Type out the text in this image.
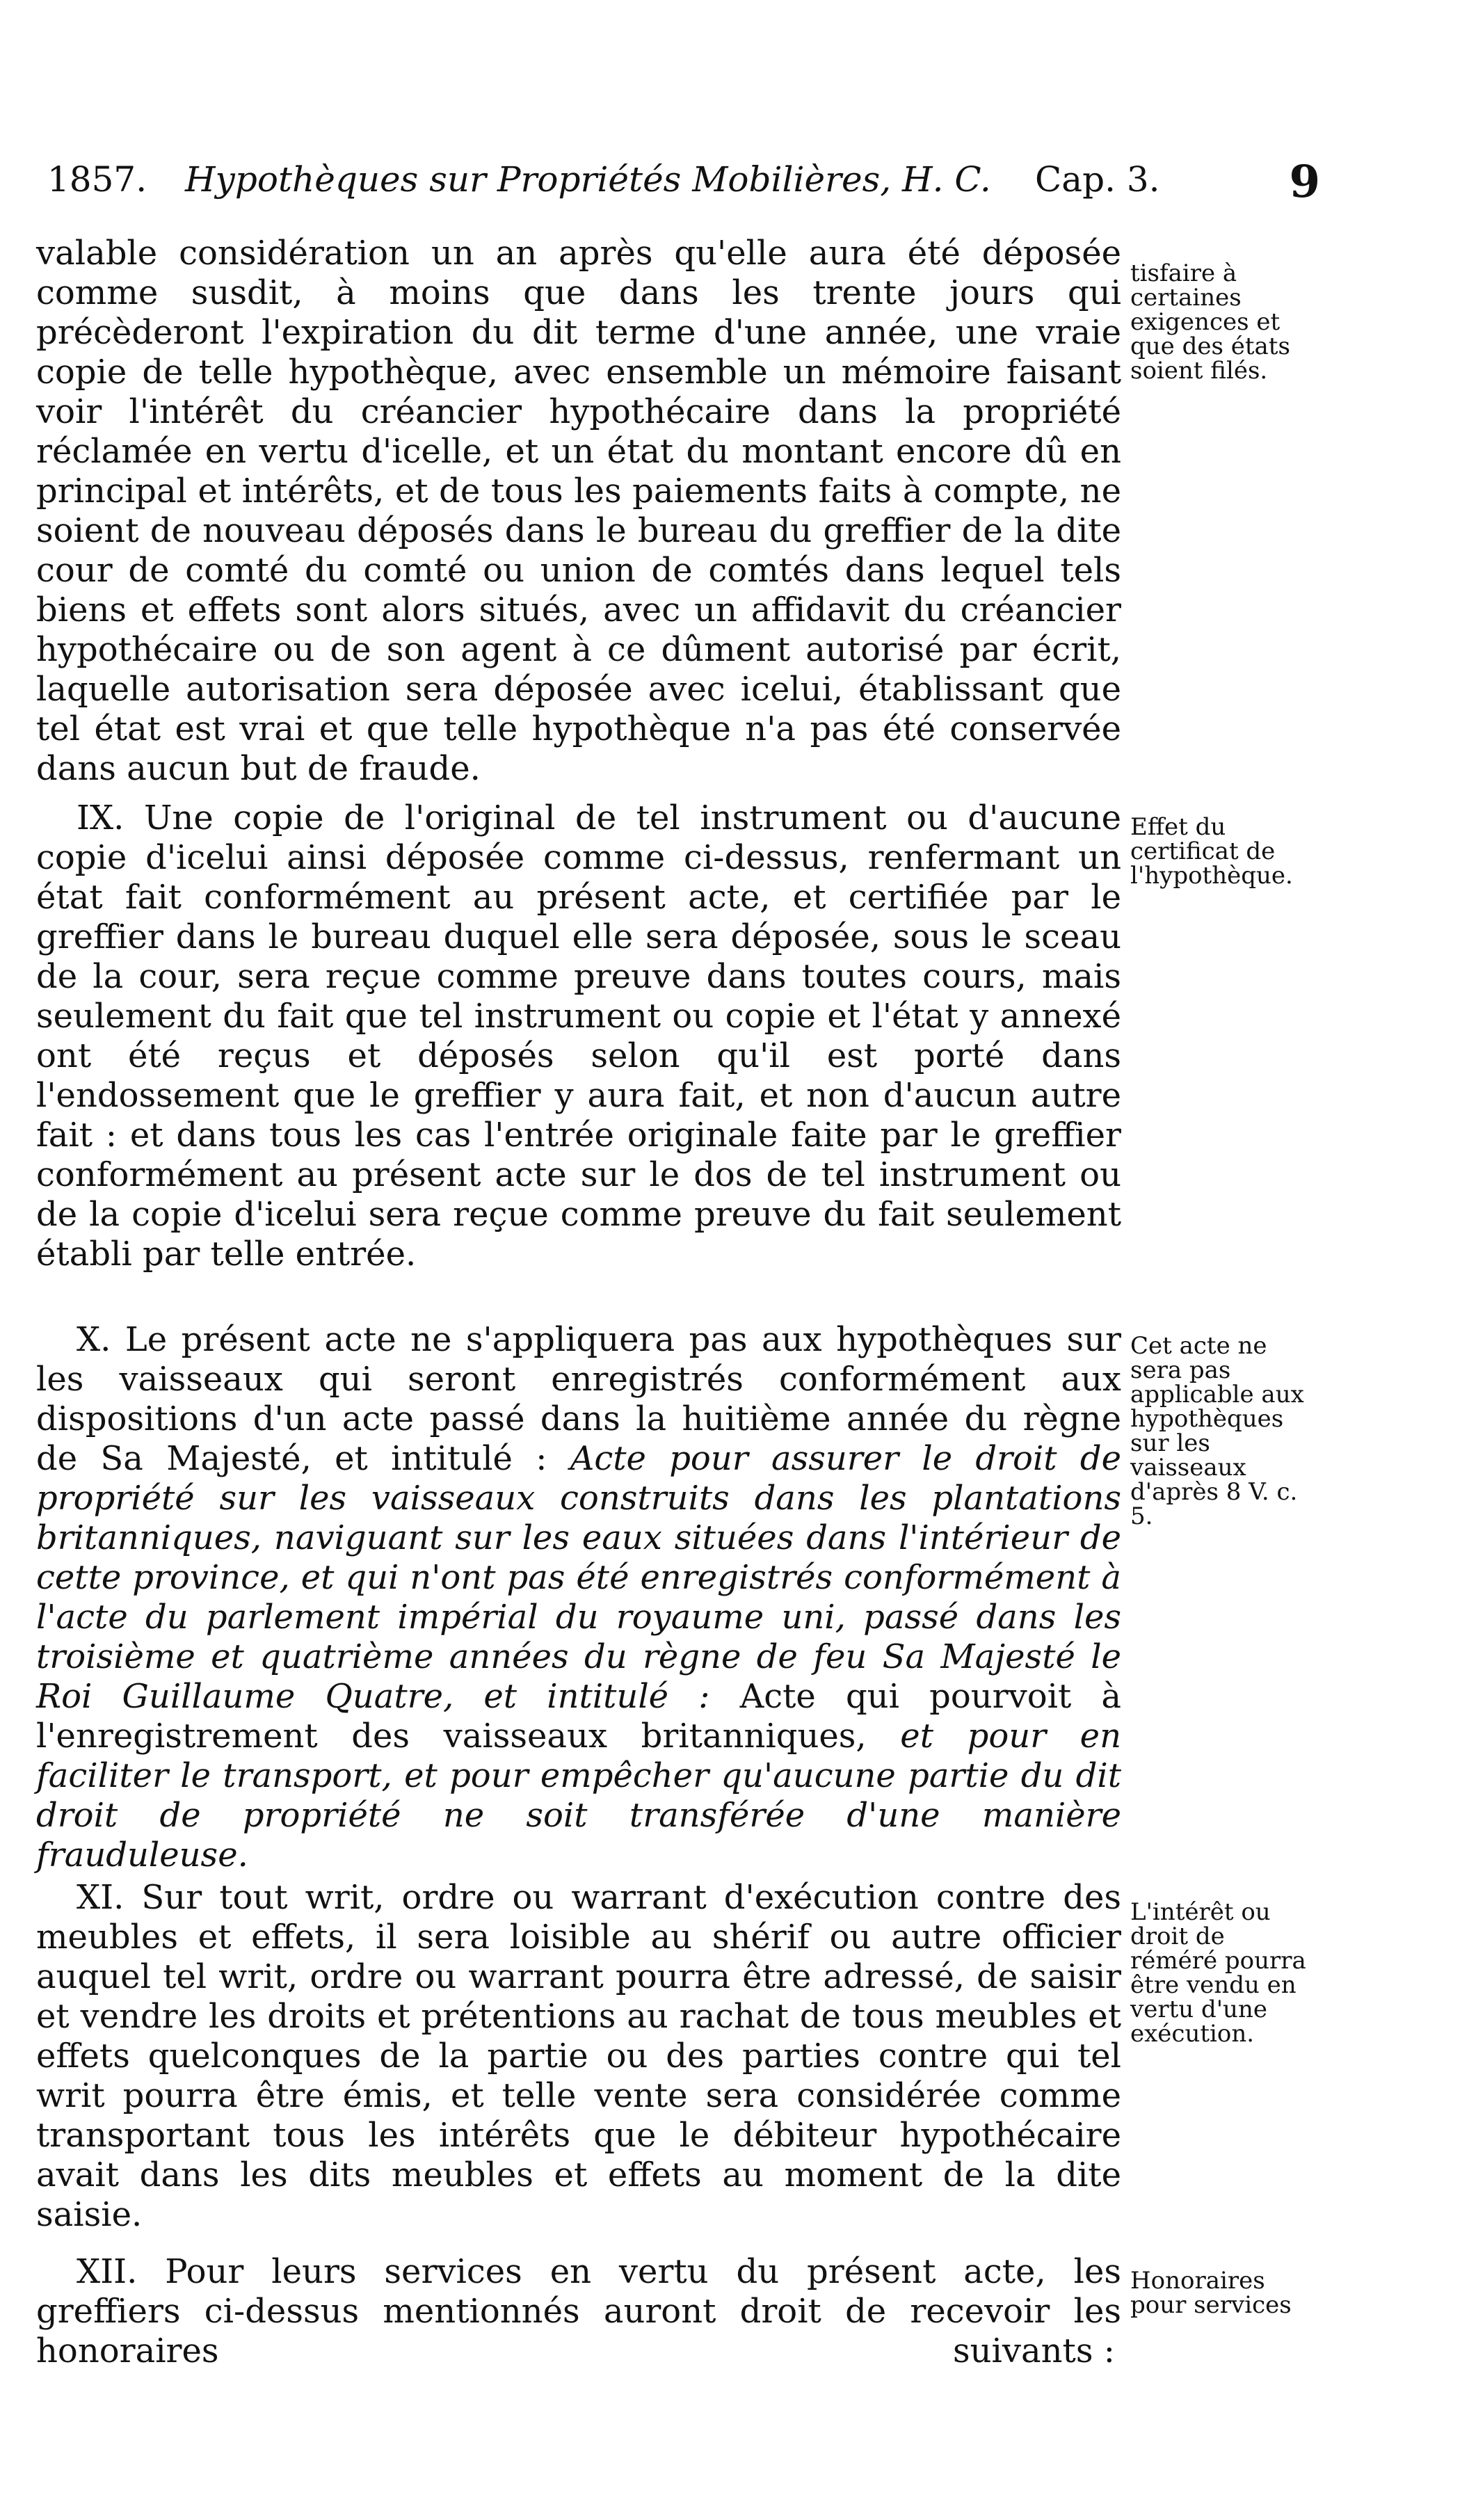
1857. Hypothèques sur Propriétés Mobilières, H. C. Cap. 3.	9

valable considération un an après qu'elle aura été déposée comme susdit, à moins que dans les trente jours qui précèderont l'expiration du dit terme d'une année, une vraie copie de telle hypothèque, avec ensemble un mémoire faisant voir l'intérêt du créancier hypothécaire dans la propriété réclamée en vertu d'icelle, et un état du montant encore dû en principal et intérêts, et de tous les paiements faits à compte, ne soient de nouveau déposés dans le bureau du greffier de la dite cour de comté du comté ou union de comtés dans lequel tels biens et effets sont alors situés, avec un affidavit du créancier hypothécaire ou de son agent à ce dûment autorisé par écrit, laquelle autorisation sera déposée avec icelui, établissant que tel état est vrai et que telle hypothèque n'a pas été conservée dans aucun but de fraude.

tisfaire à certaines exigences et que des états soient filés.

IX. Une copie de l'original de tel instrument ou d'aucune copie d'icelui ainsi déposée comme ci-dessus, renfermant un état fait conformément au présent acte, et certifiée par le greffier dans le bureau duquel elle sera déposée, sous le sceau de la cour, sera reçue comme preuve dans toutes cours, mais seulement du fait que tel instrument ou copie et l'état y annexé ont été reçus et déposés selon qu'il est porté dans l'endossement que le greffier y aura fait, et non d'aucun autre fait : et dans tous les cas l'entrée originale faite par le greffier conformément au présent acte sur le dos de tel instrument ou de la copie d'icelui sera reçue comme preuve du fait seulement établi par telle entrée.

Effet du certificat de l'hypothèque.

X. Le présent acte ne s'appliquera pas aux hypothèques sur les vaisseaux qui seront enregistrés conformément aux dispositions d'un acte passé dans la huitième année du règne de Sa Majesté, et intitulé : Acte pour assurer le droit de propriété sur les vaisseaux construits dans les plantations britanniques, naviguant sur les eaux situées dans l'intérieur de cette province, et qui n'ont pas été enregistrés conformément à l'acte du parlement impérial du royaume uni, passé dans les troisième et quatrième années du règne de feu Sa Majesté le Roi Guillaume Quatre, et intitulé : Acte qui pourvoit à l'enregistrement des vaisseaux britanniques, et pour en faciliter le transport, et pour empêcher qu'aucune partie du dit droit de propriété ne soit transférée d'une manière frauduleuse.

Cet acte ne sera pas applicable aux hypothèques sur les vaisseaux d'après 8 V. c. 5.

XI. Sur tout writ, ordre ou warrant d'exécution contre des meubles et effets, il sera loisible au shérif ou autre officier auquel tel writ, ordre ou warrant pourra être adressé, de saisir et vendre les droits et prétentions au rachat de tous meubles et effets quelconques de la partie ou des parties contre qui tel writ pourra être émis, et telle vente sera considérée comme transportant tous les intérêts que le débiteur hypothécaire avait dans les dits meubles et effets au moment de la dite saisie.

L'intérêt ou droit de réméré pourra être vendu en vertu d'une exécution.

XII. Pour leurs services en vertu du présent acte, les greffiers ci-dessus mentionnés auront droit de recevoir les honoraires	suivants :
Honoraires pour services
